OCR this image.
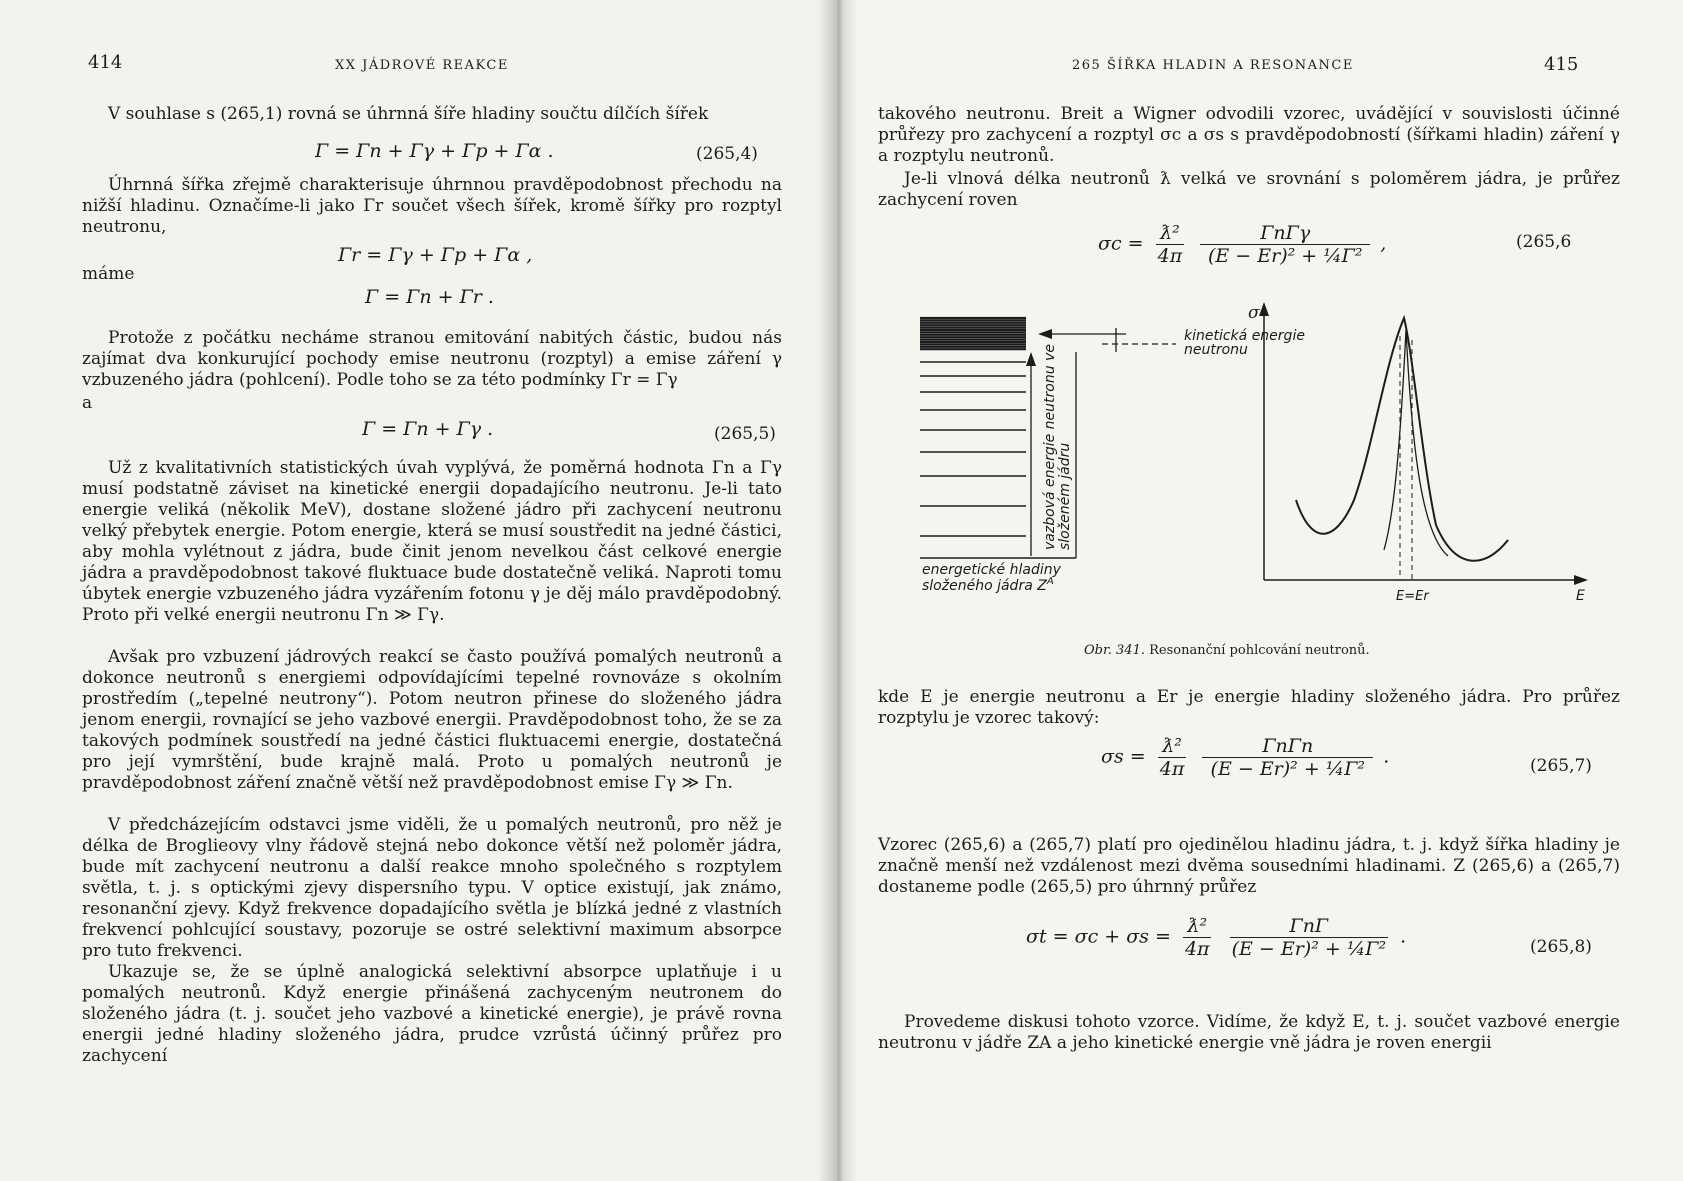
414	XX JÁDROVÉ REAKCE
V souhlase s (265,1) rovná se úhrnná šíře hladiny součtu dílčích šířek
Γ = Γn + Γγ + Γp + Γα .	(265,4)
Úhrnná šířka zřejmě charakterisuje úhrnnou pravděpodobnost přechodu na nižší hladinu. Označíme-li jako Γr součet všech šířek, kromě šířky pro rozptyl neutronu,
Γr = Γγ + Γp + Γα ,
máme
Γ = Γn + Γr .
Protože z počátku necháme stranou emitování nabitých částic, budou nás zajímat dva konkurující pochody emise neutronu (rozptyl) a emise záření γ vzbuzeného jádra (pohlcení). Podle toho se za této podmínky Γr = Γγ
a
Γ = Γn + Γγ .	(265,5)
Už z kvalitativních statistických úvah vyplývá, že poměrná hodnota Γn a Γγ musí podstatně záviset na kinetické energii dopadajícího neutronu. Je-li tato energie veliká (několik MeV), dostane složené jádro při zachycení neutronu velký přebytek energie. Potom energie, která se musí soustředit na jedné částici, aby mohla vylétnout z jádra, bude činit jenom nevelkou část celkové energie jádra a pravděpodobnost takové fluktuace bude dostatečně veliká. Naproti tomu úbytek energie vzbuzeného jádra vyzářením fotonu γ je děj málo pravděpodobný. Proto při velké energii neutronu Γn ≫ Γγ.
Avšak pro vzbuzení jádrových reakcí se často používá pomalých neutronů a dokonce neutronů s energiemi odpovídajícími tepelné rovnováze s okolním prostředím („tepelné neutrony“). Potom neutron přinese do složeného jádra jenom energii, rovnající se jeho vazbové energii. Pravděpodobnost toho, že se za takových podmínek soustředí na jedné částici fluktuacemi energie, dostatečná pro její vymrštění, bude krajně malá. Proto u pomalých neutronů je pravděpodobnost záření značně větší než pravděpodobnost emise Γγ ≫ Γn.
V předcházejícím odstavci jsme viděli, že u pomalých neutronů, pro něž je délka de Broglieovy vlny řádově stejná nebo dokonce větší než poloměr jádra, bude mít zachycení neutronu a další reakce mnoho společného s rozptylem světla, t. j. s optickými zjevy dispersního typu. V optice existují, jak známo, resonanční zjevy. Když frekvence dopadajícího světla je blízká jedné z vlastních frekvencí pohlcující soustavy, pozoruje se ostré selektivní maximum absorpce pro tuto frekvenci.
Ukazuje se, že se úplně analogická selektivní absorpce uplatňuje i u pomalých neutronů. Když energie přinášená zachyceným neutronem do složeného jádra (t. j. součet jeho vazbové a kinetické energie), je právě rovna energii jedné hladiny složeného jádra, prudce vzrůstá účinný průřez pro zachycení
265 ŠÍŘKA HLADIN A RESONANCE	415
takového neutronu. Breit a Wigner odvodili vzorec, uvádějící v souvislosti účinné průřezy pro zachycení a rozptyl σc a σs s pravděpodobností (šířkami hladin) záření γ a rozptylu neutronů.
Je-li vlnová délka neutronů ƛ velká ve srovnání s poloměrem jádra, je průřez zachycení roven
$\sigma c = \frac{\text{ƛ²}}{4\pi}$
$\frac{\text{ΓnΓγ}}{\text{(E − Er)² + ¼Γ²}}$ ,	(265,6
kinetická energie
neutronu
vazbová energie neutronu ve složeném jádru
energetické hladiny
složeného jádra $Z^A$
σ
E
E=Er
Obr. 341. Resonanční pohlcování neutronů.
kde E je energie neutronu a Er je energie hladiny složeného jádra. Pro průřez rozptylu je vzorec takový:
$\sigma s = \frac{\text{ƛ²}}{4\pi}$
$\frac{\text{ΓnΓn}}{\text{(E − Er)² + ¼Γ²}}$ .	(265,7)
Vzorec (265,6) a (265,7) platí pro ojedinělou hladinu jádra, t. j. když šířka hladiny je značně menší než vzdálenost mezi dvěma sousedními hladinami. Z (265,6) a (265,7) dostaneme podle (265,5) pro úhrnný průřez
$\sigma t = \sigma c + \sigma s = \frac{\text{ƛ²}}{4\pi}$
$\frac{\text{ΓnΓ}}{\text{(E − Er)² + ¼Γ²}}$ .	(265,8)
Provedeme diskusi tohoto vzorce. Vidíme, že když E, t. j. součet vazbové energie neutronu v jádře ZA a jeho kinetické energie vně jádra je roven energii
